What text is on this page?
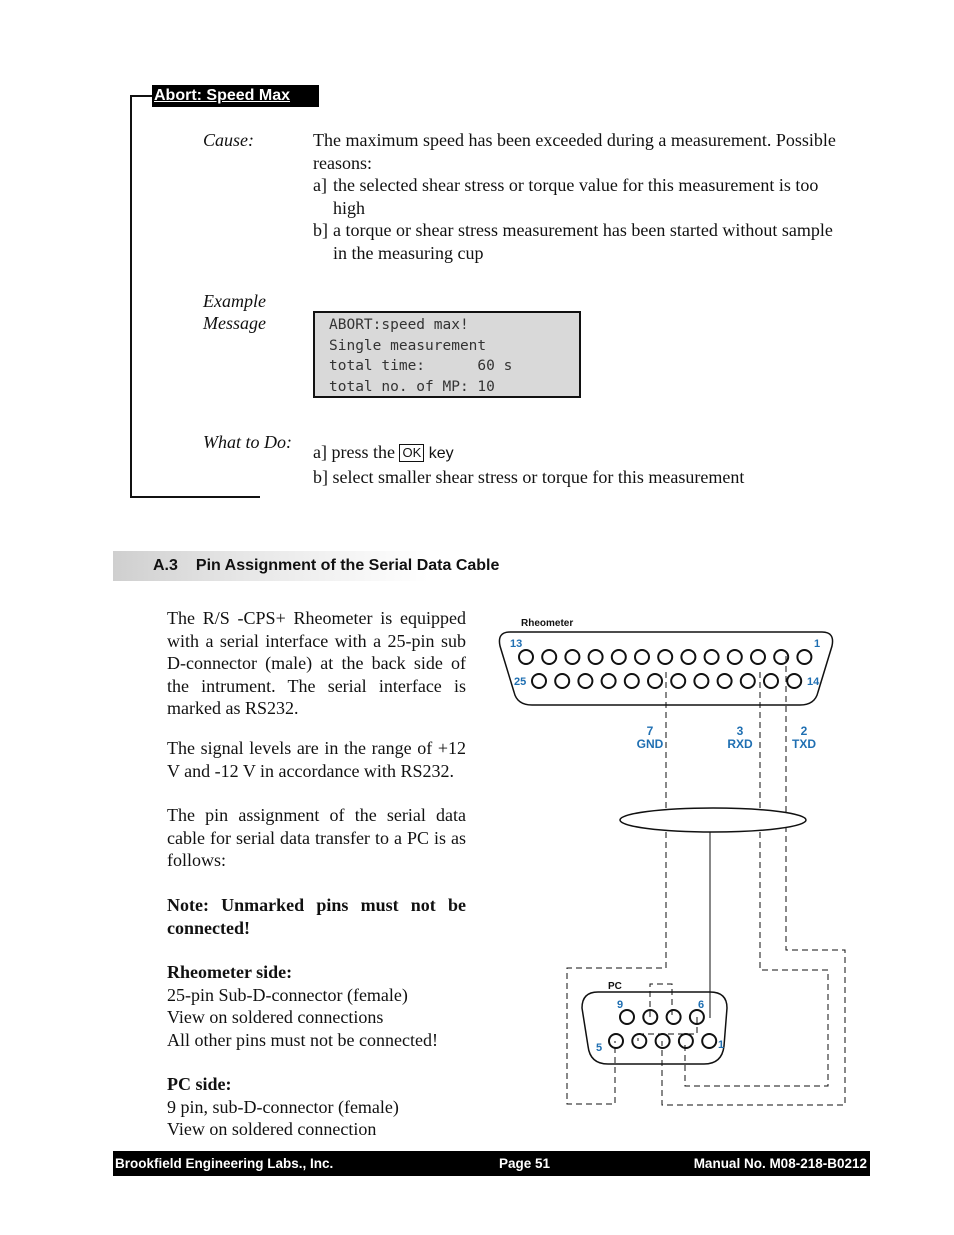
Abort: Speed Max
Cause:	The maximum speed has been exceeded during a measurement. Possible
reasons:
a] the selected shear stress or torque value for this measurement is too
high
b] a torque or shear stress measurement has been started without sample
in the measuring cup
Example
Message	ABORT:speed max!
Single measurement
total time:      60 s
total no. of MP: 10
What to Do: a] press the OK key
b] select smaller shear stress or torque for this measurement
A.3 Pin Assignment of the Serial Data Cable
The R/S -CPS+ Rheometer is equipped with a serial interface with a 25-pin sub D-connector (male) at the back side of the intrument. The serial interface is marked as RS232.
The signal levels are in the range of +12 V and -12 V in accordance with RS232.
The pin assignment of the serial data cable for serial data transfer to a PC is as follows:
Note: Unmarked pins must not be connected!
Rheometer side:
25-pin Sub-D-connector (female)
View on soldered connections
All other pins must not be connected!
PC side:
9 pin, sub-D-connector (female)
View on soldered connection
Rheometer
13	1
25	14
7
GND
3
RXD
2
TXD
PC
9	6
5	1
Brookfield Engineering Labs., Inc.	Page 51	Manual No. M08-218-B0212
